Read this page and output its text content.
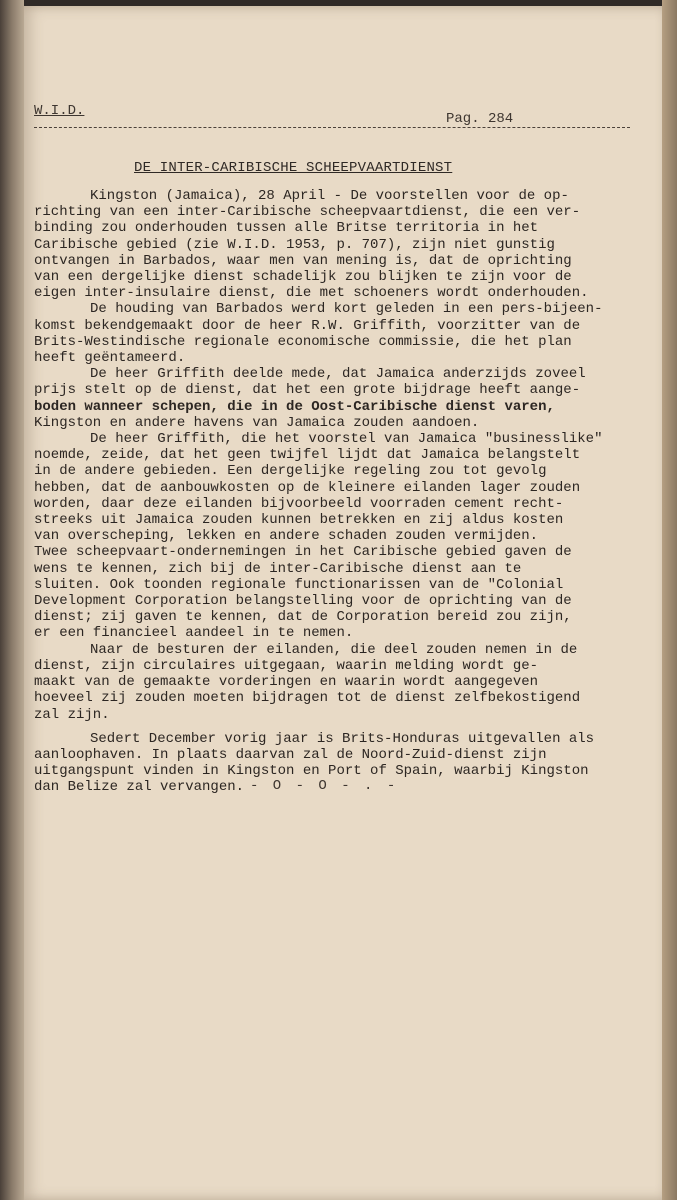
W.I.D.	Pag. 284
DE INTER-CARIBISCHE SCHEEPVAARTDIENST
Kingston (Jamaica), 28 April - De voorstellen voor de op-
richting van een inter-Caribische scheepvaartdienst, die een ver-
binding zou onderhouden tussen alle Britse territoria in het
Caribische gebied (zie W.I.D. 1953, p. 707), zijn niet gunstig
ontvangen in Barbados, waar men van mening is, dat de oprichting
van een dergelijke dienst schadelijk zou blijken te zijn voor de
eigen inter-insulaire dienst, die met schoeners wordt onderhouden.
De houding van Barbados werd kort geleden in een pers-bijeen-
komst bekendgemaakt door de heer R.W. Griffith, voorzitter van de
Brits-Westindische regionale economische commissie, die het plan
heeft geëntameerd.
De heer Griffith deelde mede, dat Jamaica anderzijds zoveel
prijs stelt op de dienst, dat het een grote bijdrage heeft aange-
boden wanneer schepen, die in de Oost-Caribische dienst varen,
Kingston en andere havens van Jamaica zouden aandoen.
De heer Griffith, die het voorstel van Jamaica "businesslike"
noemde, zeide, dat het geen twijfel lijdt dat Jamaica belangstelt
in de andere gebieden. Een dergelijke regeling zou tot gevolg
hebben, dat de aanbouwkosten op de kleinere eilanden lager zouden
worden, daar deze eilanden bijvoorbeeld voorraden cement recht-
streeks uit Jamaica zouden kunnen betrekken en zij aldus kosten
van overscheping, lekken en andere schaden zouden vermijden.
Twee scheepvaart-ondernemingen in het Caribische gebied gaven de
wens te kennen, zich bij de inter-Caribische dienst aan te
sluiten. Ook toonden regionale functionarissen van de "Colonial
Development Corporation belangstelling voor de oprichting van de
dienst; zij gaven te kennen, dat de Corporation bereid zou zijn,
er een financieel aandeel in te nemen.
Naar de besturen der eilanden, die deel zouden nemen in de
dienst, zijn circulaires uitgegaan, waarin melding wordt ge-
maakt van de gemaakte vorderingen en waarin wordt aangegeven
hoeveel zij zouden moeten bijdragen tot de dienst zelfbekostigend
zal zijn.
Sedert December vorig jaar is Brits-Honduras uitgevallen als
aanloophaven. In plaats daarvan zal de Noord-Zuid-dienst zijn
uitgangspunt vinden in Kingston en Port of Spain, waarbij Kingston
dan Belize zal vervangen. - O - O - . -
